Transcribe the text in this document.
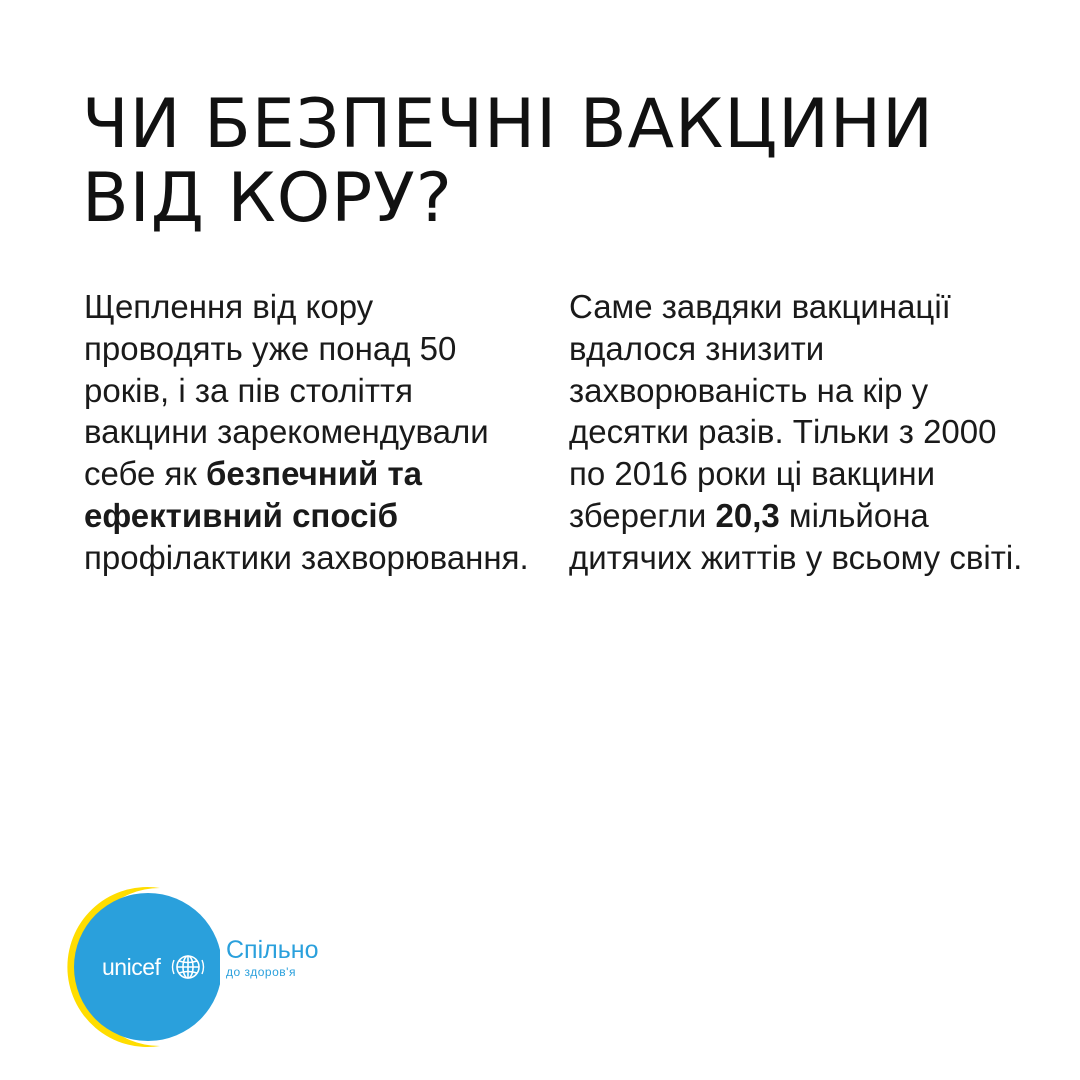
ЧИ БЕЗПЕЧНІ ВАКЦИНИ
ВІД КОРУ?
Щеплення від кору проводять уже понад 50 років, і за пів століття вакцини зарекомендували себе як безпечний та ефективний спосіб профілактики захворювання.
Саме завдяки вакцинації вдалося знизити захворюваність на кір у десятки разів. Тільки з 2000 по 2016 роки ці вакцини зберегли 20,3 мільйона дитячих життів у всьому світі.
unicef
Спільно
до здоров'я
